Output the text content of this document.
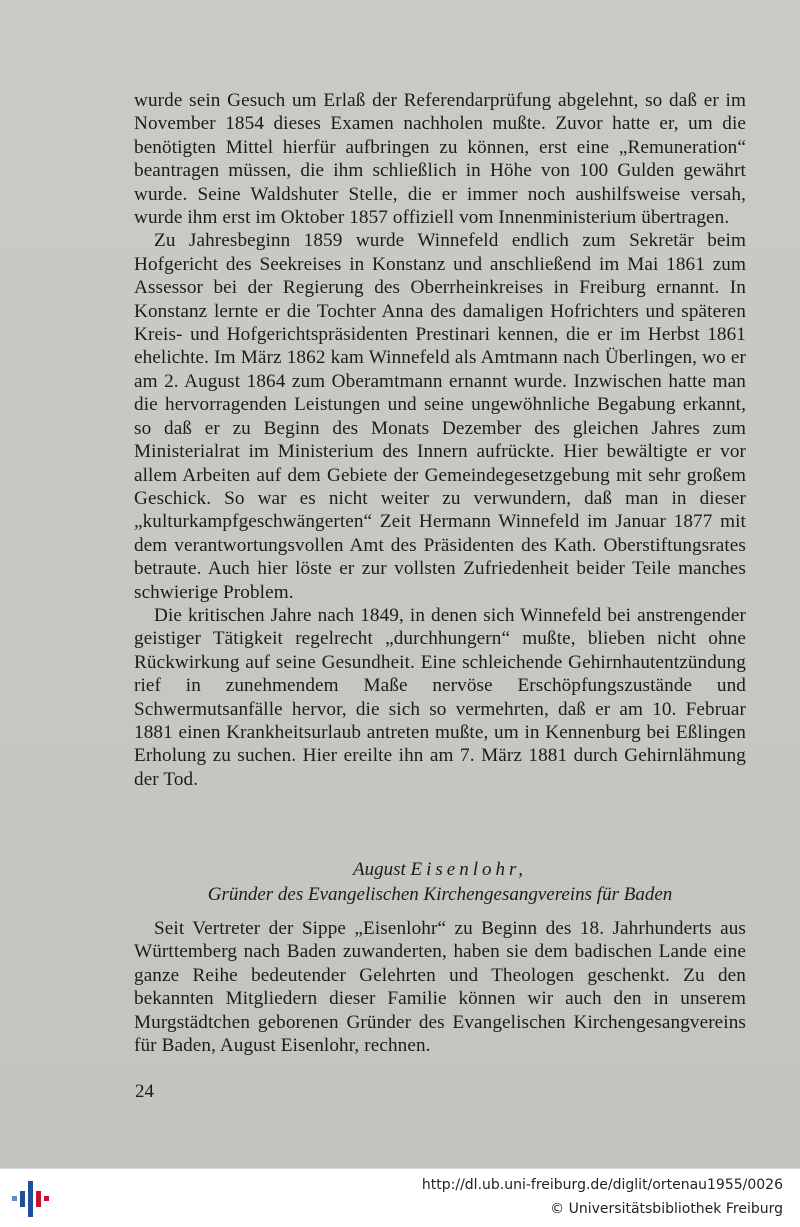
wurde sein Gesuch um Erlaß der Referendarprüfung abgelehnt, so daß er im November 1854 dieses Examen nachholen mußte. Zuvor hatte er, um die benötigten Mittel hierfür aufbringen zu können, erst eine „Remuneration“ beantragen müssen, die ihm schließlich in Höhe von 100 Gulden gewährt wurde. Seine Waldshuter Stelle, die er immer noch aushilfsweise versah, wurde ihm erst im Oktober 1857 offiziell vom Innenministerium übertragen.

Zu Jahresbeginn 1859 wurde Winnefeld endlich zum Sekretär beim Hofgericht des Seekreises in Konstanz und anschließend im Mai 1861 zum Assessor bei der Regierung des Oberrheinkreises in Freiburg ernannt. In Konstanz lernte er die Tochter Anna des damaligen Hofrichters und späteren Kreis- und Hofgerichtspräsidenten Prestinari kennen, die er im Herbst 1861 ehelichte. Im März 1862 kam Winnefeld als Amtmann nach Überlingen, wo er am 2. August 1864 zum Oberamtmann ernannt wurde. Inzwischen hatte man die hervorragenden Leistungen und seine ungewöhnliche Begabung erkannt, so daß er zu Beginn des Monats Dezember des gleichen Jahres zum Ministerialrat im Ministerium des Innern aufrückte. Hier bewältigte er vor allem Arbeiten auf dem Gebiete der Gemeindegesetzgebung mit sehr großem Geschick. So war es nicht weiter zu verwundern, daß man in dieser „kulturkampfgeschwängerten“ Zeit Hermann Winnefeld im Januar 1877 mit dem verantwortungsvollen Amt des Präsidenten des Kath. Oberstiftungsrates betraute. Auch hier löste er zur vollsten Zufriedenheit beider Teile manches schwierige Problem.

Die kritischen Jahre nach 1849, in denen sich Winnefeld bei anstrengender geistiger Tätigkeit regelrecht „durchhungern“ mußte, blieben nicht ohne Rückwirkung auf seine Gesundheit. Eine schleichende Gehirnhautentzündung rief in zunehmendem Maße nervöse Erschöpfungszustände und Schwermutsanfälle hervor, die sich so vermehrten, daß er am 10. Februar 1881 einen Krankheitsurlaub antreten mußte, um in Kennenburg bei Eßlingen Erholung zu suchen. Hier ereilte ihn am 7. März 1881 durch Gehirnlähmung der Tod.

August Eisenlohr,
Gründer des Evangelischen Kirchengesangvereins für Baden

Seit Vertreter der Sippe „Eisenlohr“ zu Beginn des 18. Jahrhunderts aus Württemberg nach Baden zuwanderten, haben sie dem badischen Lande eine ganze Reihe bedeutender Gelehrten und Theologen geschenkt. Zu den bekannten Mitgliedern dieser Familie können wir auch den in unserem Murgstädtchen geborenen Gründer des Evangelischen Kirchengesangvereins für Baden, August Eisenlohr, rechnen.

24
http://dl.ub.uni-freiburg.de/diglit/ortenau1955/0026
© Universitätsbibliothek Freiburg
